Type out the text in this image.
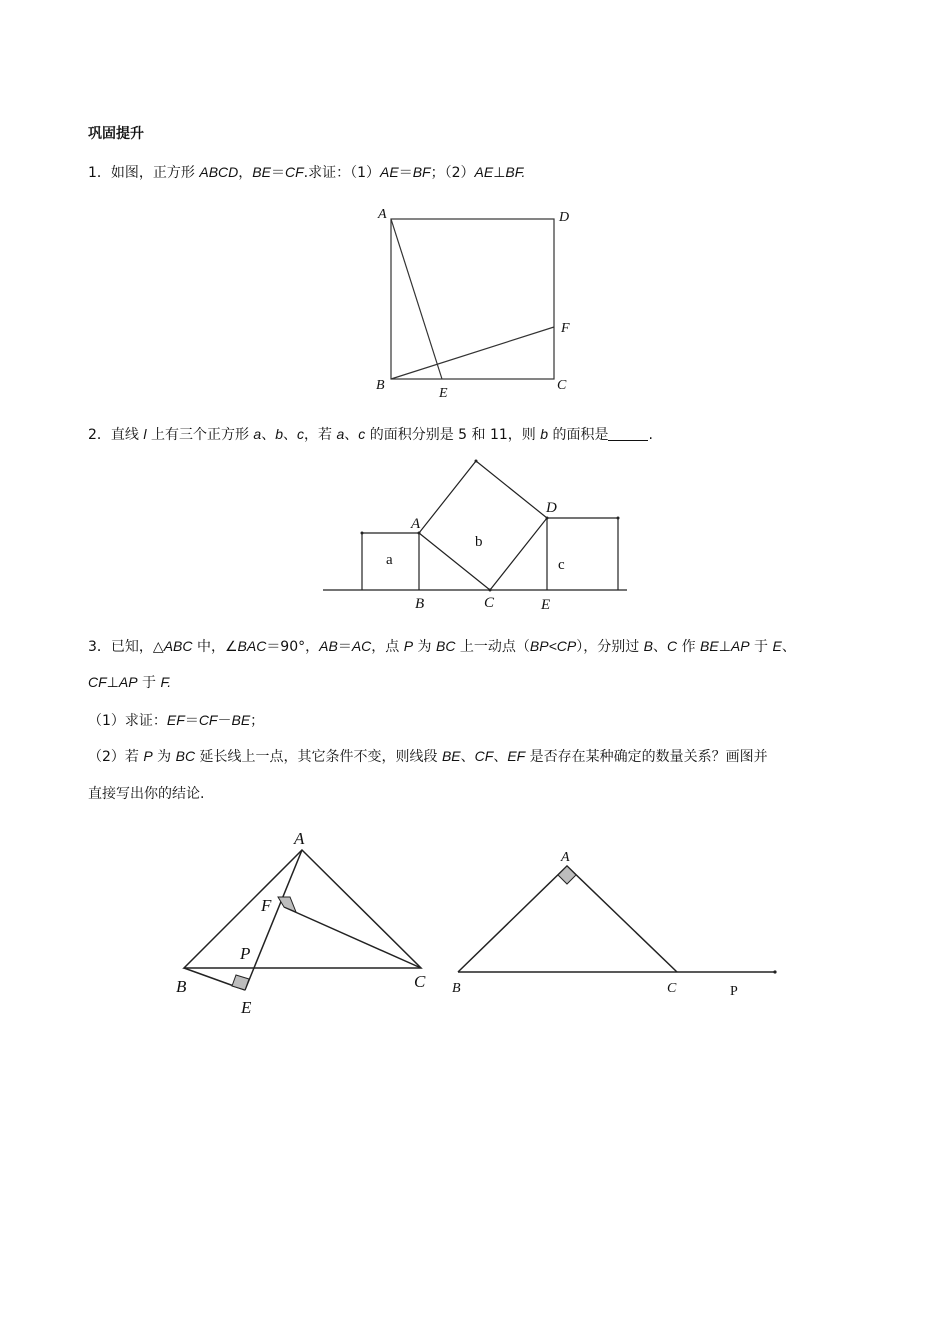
巩固提升
1．如图，正方形 ABCD，BE＝CF.求证：（1）AE＝BF；（2）AE⊥BF.
2．直线 l 上有三个正方形 a、b、c，若 a、c 的面积分别是 5 和 11，则 b 的面积是	.
3．已知，△ABC 中，∠BAC＝90°，AB＝AC，点 P 为 BC 上一动点（BP<CP），分别过 B、C 作 BE⊥AP 于 E、
CF⊥AP 于 F.
（1）求证：EF＝CF－BE；
（2）若 P 为 BC 延长线上一点，其它条件不变，则线段 BE、CF、EF 是否存在某种确定的数量关系？画图并
直接写出你的结论.
A	D
F
B
E
C
A
D
B	C	E
a
b
c
A
F
P
B
E
C
A
B	C	P
